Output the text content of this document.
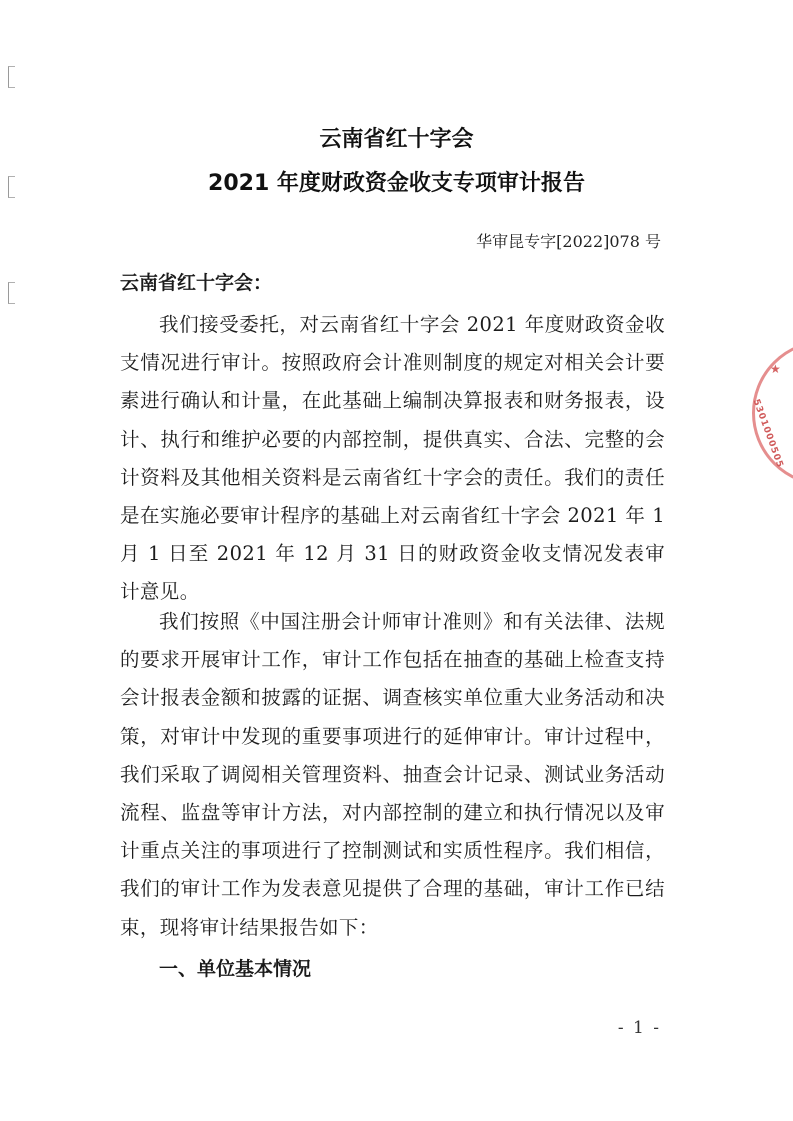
云南省红十字会
2021 年度财政资金收支专项审计报告
华审昆专字[2022]078 号
云南省红十字会：

我们接受委托，对云南省红十字会 2021 年度财政资金收支情况进行审计。按照政府会计准则制度的规定对相关会计要素进行确认和计量，在此基础上编制决算报表和财务报表，设计、执行和维护必要的内部控制，提供真实、合法、完整的会计资料及其他相关资料是云南省红十字会的责任。我们的责任是在实施必要审计程序的基础上对云南省红十字会 2021 年 1 月 1 日至 2021 年 12 月 31 日的财政资金收支情况发表审计意见。

我们按照《中国注册会计师审计准则》和有关法律、法规的要求开展审计工作，审计工作包括在抽查的基础上检查支持会计报表金额和披露的证据、调查核实单位重大业务活动和决策，对审计中发现的重要事项进行的延伸审计。审计过程中，我们采取了调阅相关管理资料、抽查会计记录、测试业务活动流程、监盘等审计方法，对内部控制的建立和执行情况以及审计重点关注的事项进行了控制测试和实质性程序。我们相信，我们的审计工作为发表意见提供了合理的基础，审计工作已结束，现将审计结果报告如下：

一、单位基本情况
- 1 -
★
5301000505
